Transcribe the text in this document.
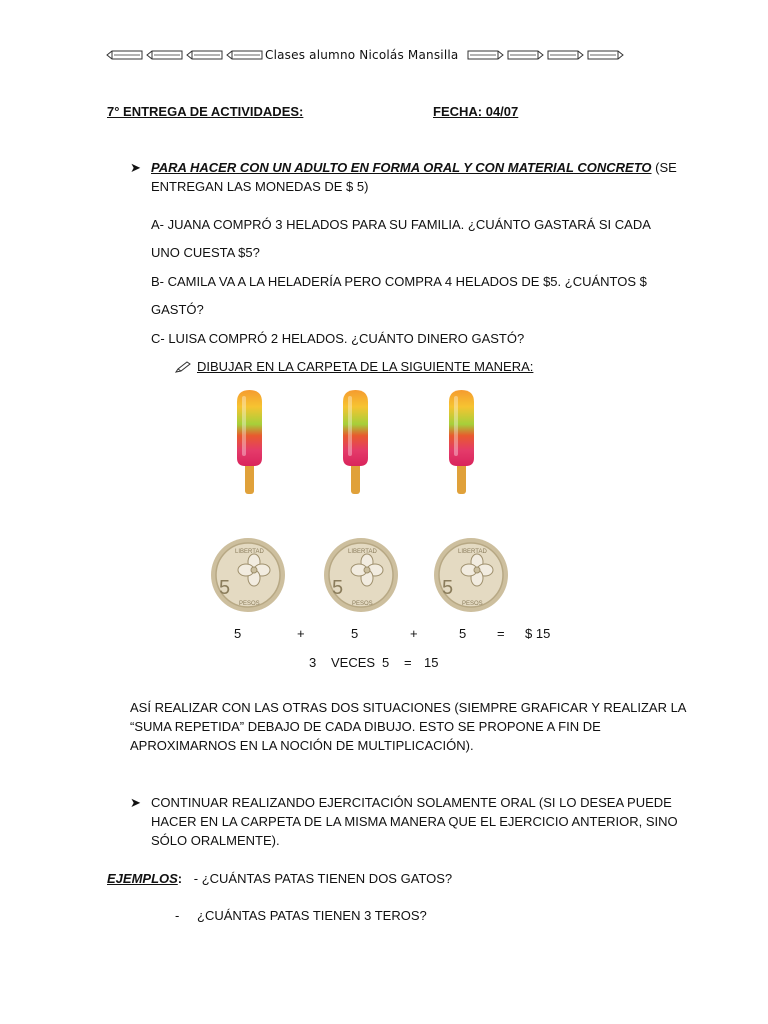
Clases alumno Nicolás Mansilla
7° ENTREGA DE ACTIVIDADES:	FECHA: 04/07
➤ PARA HACER CON UN ADULTO EN FORMA ORAL Y CON MATERIAL CONCRETO (SE
ENTREGAN LAS MONEDAS DE $ 5)
A- JUANA COMPRÓ 3 HELADOS PARA SU FAMILIA. ¿CUÁNTO GASTARÁ SI CADA
UNO CUESTA $5?
B- CAMILA VA A LA HELADERÍA PERO COMPRA 4 HELADOS DE $5. ¿CUÁNTOS $
GASTÓ?
C- LUISA COMPRÓ 2 HELADOS. ¿CUÁNTO DINERO GASTÓ?
DIBUJAR EN LA CARPETA DE LA SIGUIENTE MANERA:
5
LIBERTAD
PESOS
5
LIBERTAD
PESOS
5
LIBERTAD
PESOS
5	+	5	+	5 = $ 15
3 VECES 5 = 15
ASÍ REALIZAR CON LAS OTRAS DOS SITUACIONES (SIEMPRE GRAFICAR Y REALIZAR LA
“SUMA REPETIDA” DEBAJO DE CADA DIBUJO. ESTO SE PROPONE A FIN DE
APROXIMARNOS EN LA NOCIÓN DE MULTIPLICACIÓN).
➤ CONTINUAR REALIZANDO EJERCITACIÓN SOLAMENTE ORAL (SI LO DESEA PUEDE
HACER EN LA CARPETA DE LA MISMA MANERA QUE EL EJERCICIO ANTERIOR, SINO
SÓLO ORALMENTE).
EJEMPLOS: - ¿CUÁNTAS PATAS TIENEN DOS GATOS?
- ¿CUÁNTAS PATAS TIENEN 3 TEROS?
